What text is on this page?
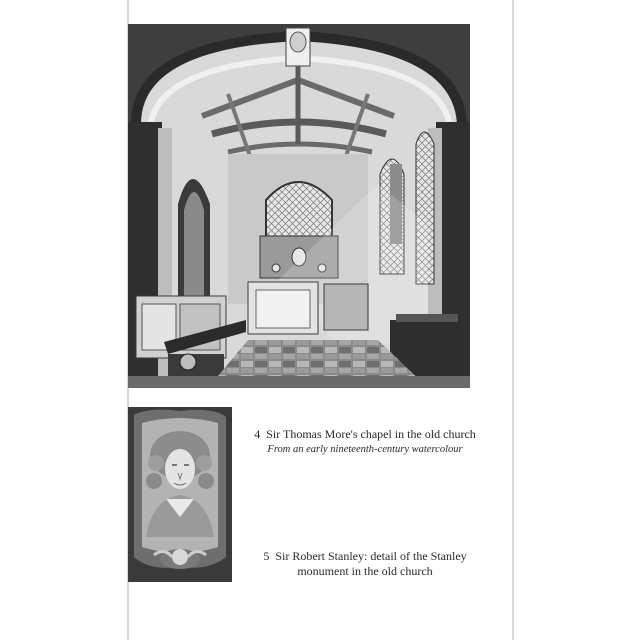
4 Sir Thomas More's chapel in the old church
From an early nineteenth-century watercolour
5 Sir Robert Stanley: detail of the Stanley
monument in the old church
